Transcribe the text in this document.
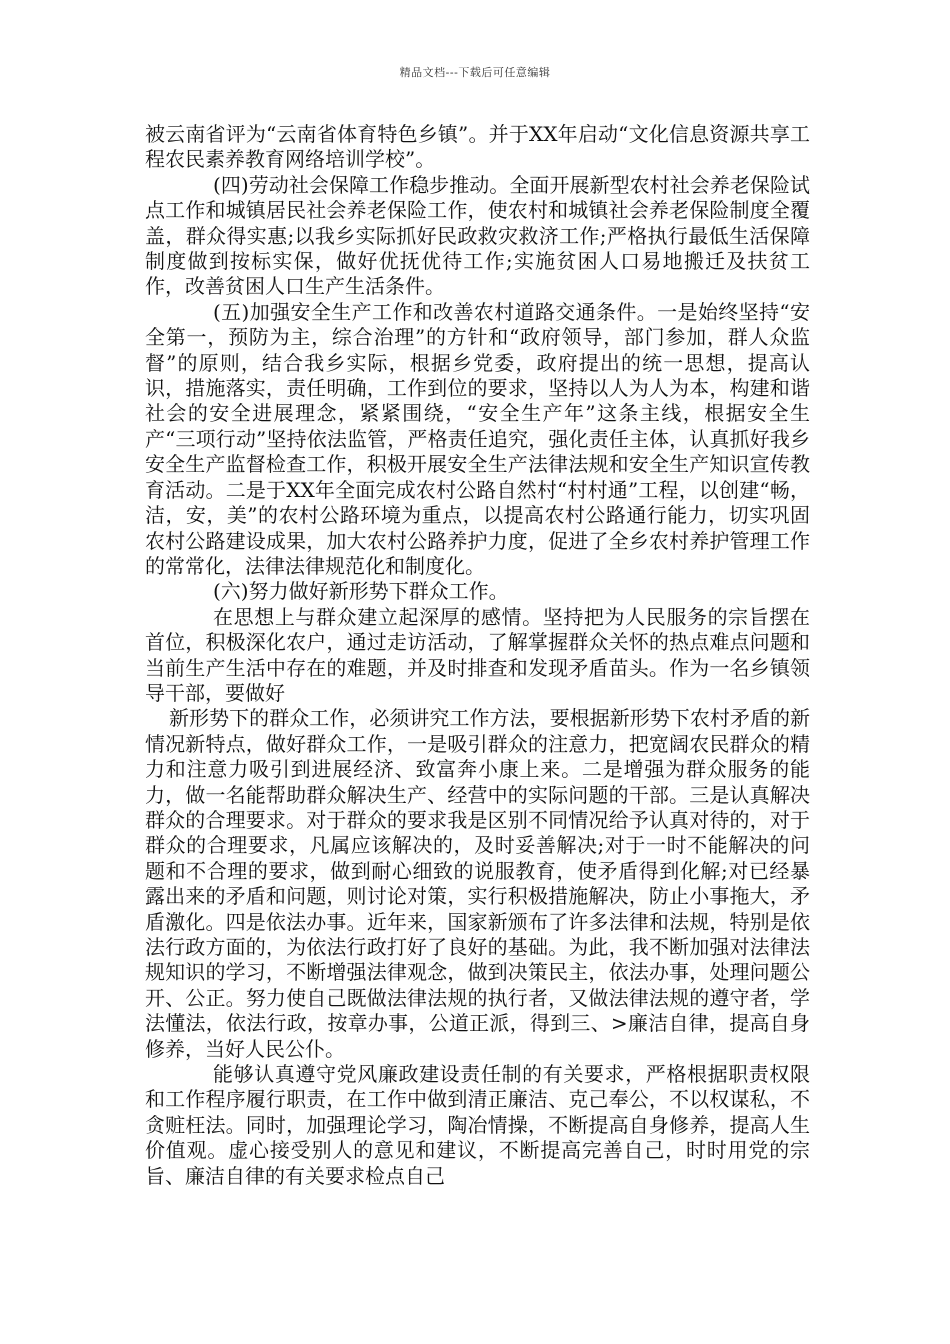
精品文档---下载后可任意编辑

被云南省评为“云南省体育特色乡镇”。并于XX年启动“文化信息资源共享工程农民素养教育网络培训学校”。

(四)劳动社会保障工作稳步推动。全面开展新型农村社会养老保险试点工作和城镇居民社会养老保险工作，使农村和城镇社会养老保险制度全覆盖，群众得实惠;以我乡实际抓好民政救灾救济工作;严格执行最低生活保障制度做到按标实保，做好优抚优待工作;实施贫困人口易地搬迁及扶贫工作，改善贫困人口生产生活条件。

(五)加强安全生产工作和改善农村道路交通条件。一是始终坚持“安全第一，预防为主，综合治理”的方针和“政府领导，部门参加，群人众监督”的原则，结合我乡实际，根据乡党委，政府提出的统一思想，提高认识，措施落实，责任明确，工作到位的要求，坚持以人为人为本，构建和谐社会的安全进展理念，紧紧围绕，“安全生产年”这条主线，根据安全生产“三项行动”坚持依法监管，严格责任追究，强化责任主体，认真抓好我乡安全生产监督检查工作，积极开展安全生产法律法规和安全生产知识宣传教育活动。二是于XX年全面完成农村公路自然村“村村通”工程，以创建“畅，洁，安，美”的农村公路环境为重点，以提高农村公路通行能力，切实巩固农村公路建设成果，加大农村公路养护力度，促进了全乡农村养护管理工作的常常化，法律法律规范化和制度化。

(六)努力做好新形势下群众工作。

在思想上与群众建立起深厚的感情。坚持把为人民服务的宗旨摆在首位，积极深化农户，通过走访活动，了解掌握群众关怀的热点难点问题和当前生产生活中存在的难题，并及时排查和发现矛盾苗头。作为一名乡镇领导干部，要做好

新形势下的群众工作，必须讲究工作方法，要根据新形势下农村矛盾的新情况新特点，做好群众工作，一是吸引群众的注意力，把宽阔农民群众的精力和注意力吸引到进展经济、致富奔小康上来。二是增强为群众服务的能力，做一名能帮助群众解决生产、经营中的实际问题的干部。三是认真解决群众的合理要求。对于群众的要求我是区别不同情况给予认真对待的，对于群众的合理要求，凡属应该解决的，及时妥善解决;对于一时不能解决的问题和不合理的要求，做到耐心细致的说服教育，使矛盾得到化解;对已经暴露出来的矛盾和问题，则讨论对策，实行积极措施解决，防止小事拖大，矛盾激化。四是依法办事。近年来，国家新颁布了许多法律和法规，特别是依法行政方面的，为依法行政打好了良好的基础。为此，我不断加强对法律法规知识的学习，不断增强法律观念，做到决策民主，依法办事，处理问题公开、公正。努力使自己既做法律法规的执行者，又做法律法规的遵守者，学法懂法，依法行政，按章办事，公道正派，得到三、>廉洁自律，提高自身修养，当好人民公仆。

能够认真遵守党风廉政建设责任制的有关要求，严格根据职责权限和工作程序履行职责，在工作中做到清正廉洁、克己奉公，不以权谋私，不贪赃枉法。同时，加强理论学习，陶冶情操，不断提高自身修养，提高人生价值观。虚心接受别人的意见和建议，不断提高完善自己，时时用党的宗旨、廉洁自律的有关要求检点自己
